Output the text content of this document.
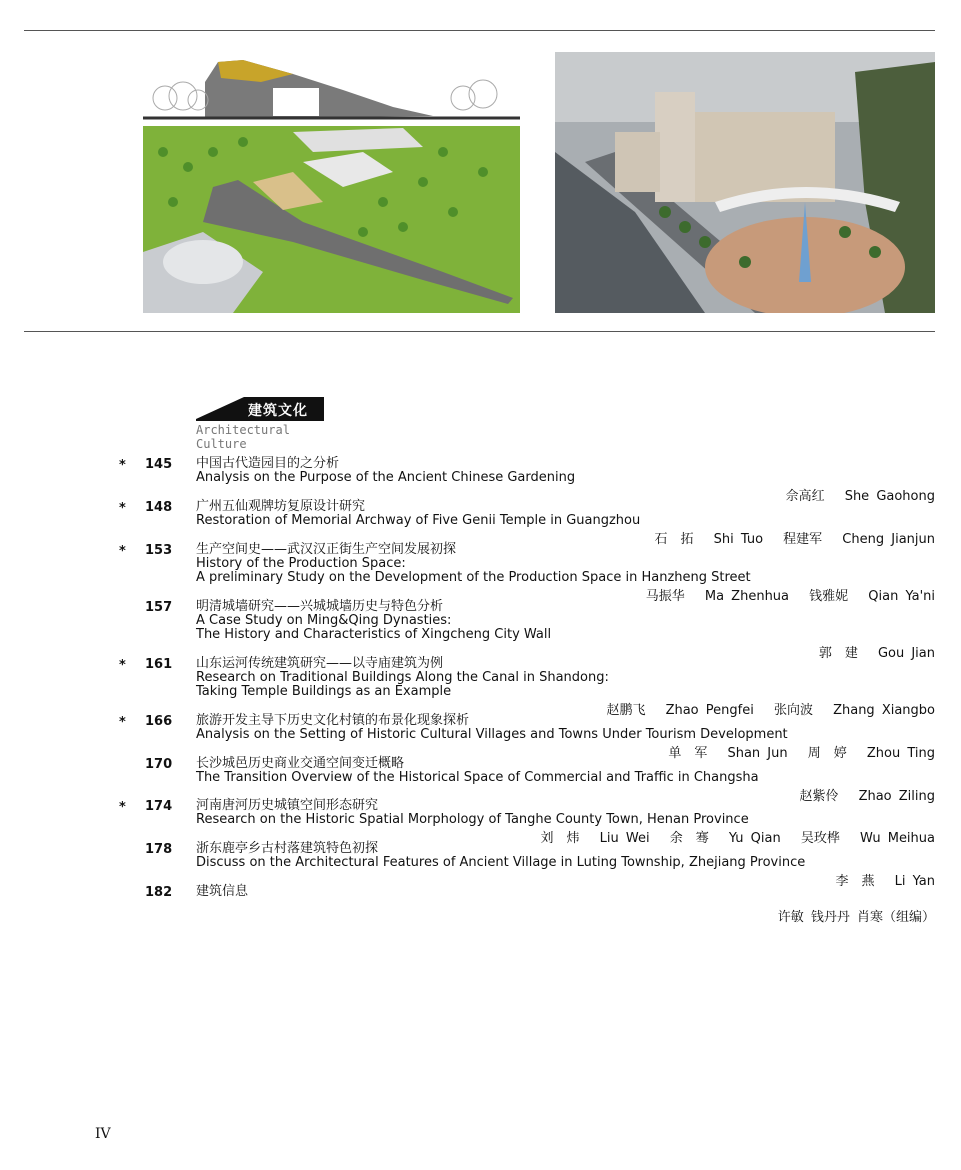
建筑文化
Architectural Culture
* 145 中国古代造园目的之分析
Analysis on the Purpose of the Ancient Chinese Gardening
佘高红　 She Gaohong
* 148 广州五仙观牌坊复原设计研究
Restoration of Memorial Archway of Five Genii Temple in Guangzhou
石　拓　 Shi Tuo　 程建军　 Cheng Jianjun
* 153 生产空间史——武汉汉正街生产空间发展初探
History of the Production Space:
A preliminary Study on the Development of the Production Space in Hanzheng Street
马振华　 Ma Zhenhua　 钱雅妮　 Qian Ya'ni
157 明清城墙研究——兴城城墙历史与特色分析
A Case Study on Ming&Qing Dynasties:
The History and Characteristics of Xingcheng City Wall
郭　建　 Gou Jian
* 161 山东运河传统建筑研究——以寺庙建筑为例
Research on Traditional Buildings Along the Canal in Shandong:
Taking Temple Buildings as an Example
赵鹏飞　 Zhao Pengfei　 张向波　 Zhang Xiangbo
* 166 旅游开发主导下历史文化村镇的布景化现象探析
Analysis on the Setting of Historic Cultural Villages and Towns Under Tourism Development
单　军　 Shan Jun　 周　婷　 Zhou Ting
170 长沙城邑历史商业交通空间变迁概略
The Transition Overview of the Historical Space of Commercial and Traffic in Changsha
赵紫伶　 Zhao Ziling
* 174 河南唐河历史城镇空间形态研究
Research on the Historic Spatial Morphology of Tanghe County Town, Henan Province
刘　炜　 Liu Wei　 余　骞　 Yu Qian　 吴玫桦　 Wu Meihua
178 浙东鹿亭乡古村落建筑特色初探
Discuss on the Architectural Features of Ancient Village in Luting Township, Zhejiang Province
李　燕　 Li Yan
182 建筑信息
许敏 钱丹丹 肖寒（组编）
IV
